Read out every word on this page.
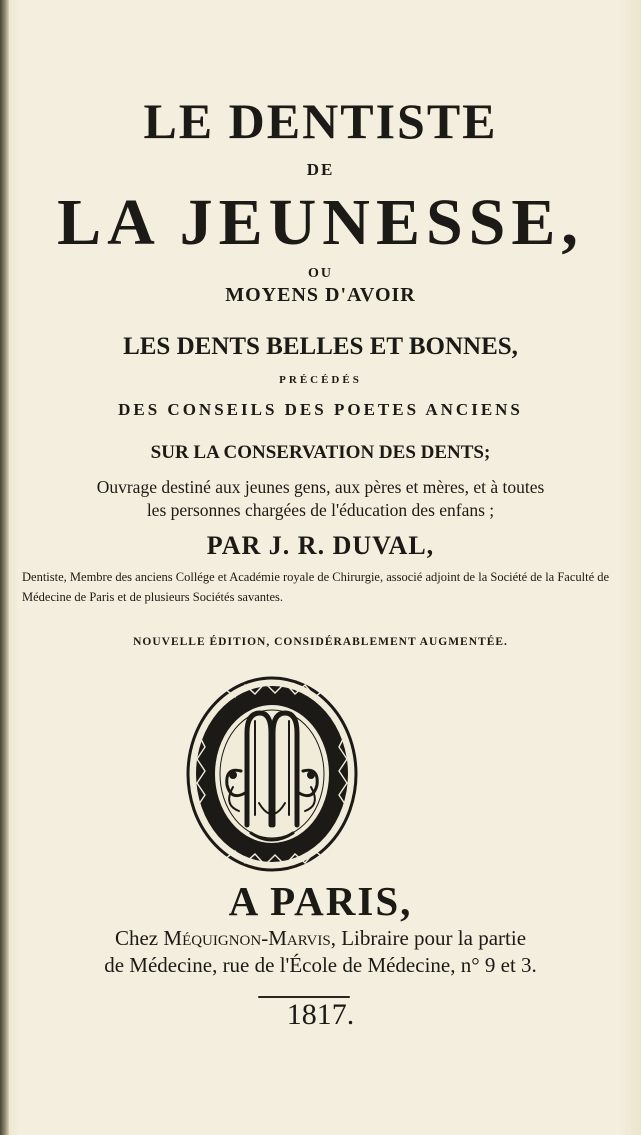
LE DENTISTE
DE
LA JEUNESSE,
OU
MOYENS D'AVOIR
LES DENTS BELLES ET BONNES,
PRÉCÉDÉS
DES CONSEILS DES POETES ANCIENS
SUR LA CONSERVATION DES DENTS;
Ouvrage destiné aux jeunes gens, aux pères et mères, et à toutes
les personnes chargées de l'éducation des enfans ;
PAR J. R. DUVAL,
Dentiste, Membre des anciens Collége et Académie royale de Chirurgie, associé adjoint de la Société de la Faculté de Médecine de Paris et de plusieurs Sociétés savantes.
NOUVELLE ÉDITION, CONSIDÉRABLEMENT AUGMENTÉE.
A PARIS,
Chez Méquignon-Marvis, Libraire pour la partie
de Médecine, rue de l'École de Médecine, n° 9 et 3.
1817.
